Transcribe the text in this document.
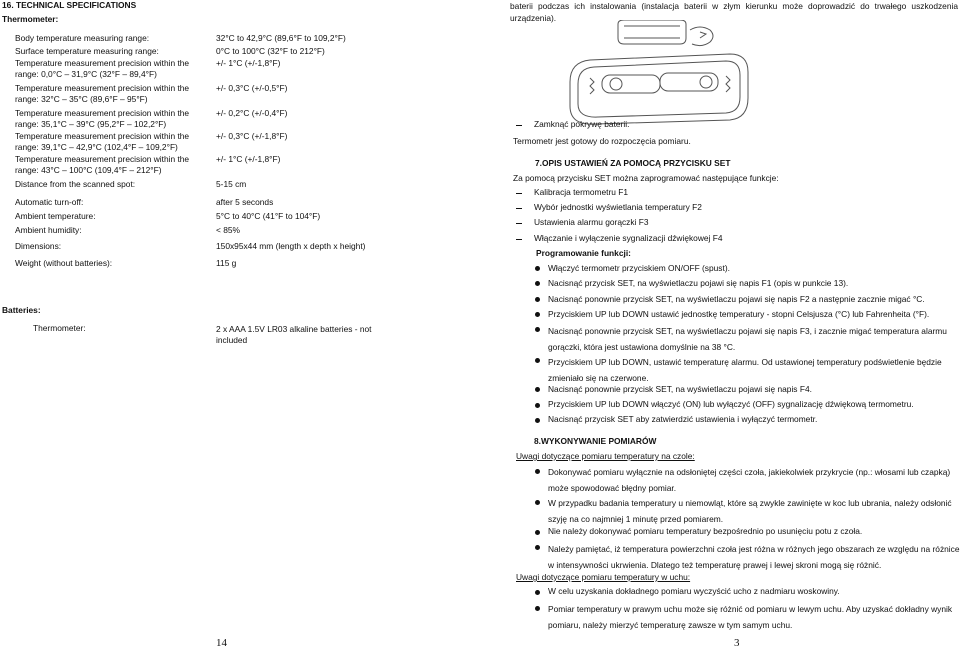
16. TECHNICAL SPECIFICATIONS
Thermometer:
Body temperature measuring range:
Surface temperature measuring range:
Temperature measurement precision within the range: 0,0°C – 31,9°C (32°F – 89,4°F)
Temperature measurement precision within the range: 32°C – 35°C (89,6°F – 95°F)
Temperature measurement precision within the range: 35,1°C – 39°C (95,2°F – 102,2°F)
Temperature measurement precision within the range: 39,1°C – 42,9°C (102,4°F – 109,2°F)
Temperature measurement precision within the range: 43°C – 100°C (109,4°F – 212°F)
Distance from the scanned spot:
Automatic turn-off:
Ambient temperature:
Ambient humidity:
Dimensions:
Weight (without batteries):
32°C to 42,9°C (89,6°F to 109,2°F)
0°C to 100°C (32°F to 212°F)
+/- 1°C (+/-1,8°F)
+/- 0,3°C (+/-0,5°F)
+/- 0,2°C (+/-0,4°F)
+/- 0,3°C (+/-1,8°F)
+/- 1°C (+/-1,8°F)
5-15 cm
after 5 seconds
5°C to 40°C (41°F to 104°F)
< 85%
150x95x44 mm (length x depth x height)
115 g
Batteries:
Thermometer:	2 x AAA 1.5V LR03 alkaline batteries - not included
14
baterii podczas ich instalowania (instalacja baterii w złym kierunku może doprowadzić do trwałego uszkodzenia urządzenia).
Zamknąć pokrywę baterii.
Termometr jest gotowy do rozpoczęcia pomiaru.
7.OPIS USTAWIEŃ ZA POMOCĄ PRZYCISKU SET
Za pomocą przycisku SET można zaprogramować następujące funkcje:
Kalibracja termometru F1
Wybór jednostki wyświetlania temperatury F2
Ustawienia alarmu gorączki F3
Włączanie i wyłączenie sygnalizacji dźwiękowej F4
Programowanie funkcji:
Włączyć termometr przyciskiem ON/OFF (spust).
Nacisnąć przycisk SET, na wyświetlaczu pojawi się napis F1 (opis w punkcie 13).
Nacisnąć ponownie przycisk SET, na wyświetlaczu pojawi się napis F2 a następnie zacznie migać °C.
Przyciskiem UP lub DOWN ustawić jednostkę temperatury - stopni Celsjusza (°C) lub Fahrenheita (°F).
Nacisnąć ponownie przycisk SET, na wyświetlaczu pojawi się napis F3, i zacznie migać temperatura alarmu gorączki, która jest ustawiona domyślnie na 38 °C.
Przyciskiem UP lub DOWN, ustawić temperaturę alarmu. Od ustawionej temperatury podświetlenie będzie zmieniało się na czerwone.
Nacisnąć ponownie przycisk SET, na wyświetlaczu pojawi się napis F4.
Przyciskiem UP lub DOWN włączyć (ON) lub wyłączyć (OFF) sygnalizację dźwiękową termometru.
Nacisnąć przycisk SET aby zatwierdzić ustawienia i wyłączyć termometr.
8.WYKONYWANIE POMIARÓW
Uwagi dotyczące pomiaru temperatury na czole:
Dokonywać pomiaru wyłącznie na odsłoniętej części czoła, jakiekolwiek przykrycie (np.: włosami lub czapką) może spowodować błędny pomiar.
W przypadku badania temperatury u niemowląt, które są zwykle zawinięte w koc lub ubrania, należy odsłonić szyję na co najmniej 1 minutę przed pomiarem.
Nie należy dokonywać pomiaru temperatury bezpośrednio po usunięciu potu z czoła.
Należy pamiętać, iż temperatura powierzchni czoła jest różna w różnych jego obszarach ze względu na różnice w intensywności ukrwienia. Dlatego też temperaturę prawej i lewej skroni mogą się różnić.
Uwagi dotyczące pomiaru temperatury w uchu:
W celu uzyskania dokładnego pomiaru wyczyścić ucho z nadmiaru woskowiny.
Pomiar temperatury w prawym uchu może się różnić od pomiaru w lewym uchu. Aby uzyskać dokładny wynik pomiaru, należy mierzyć temperaturę zawsze w tym samym uchu.
3
